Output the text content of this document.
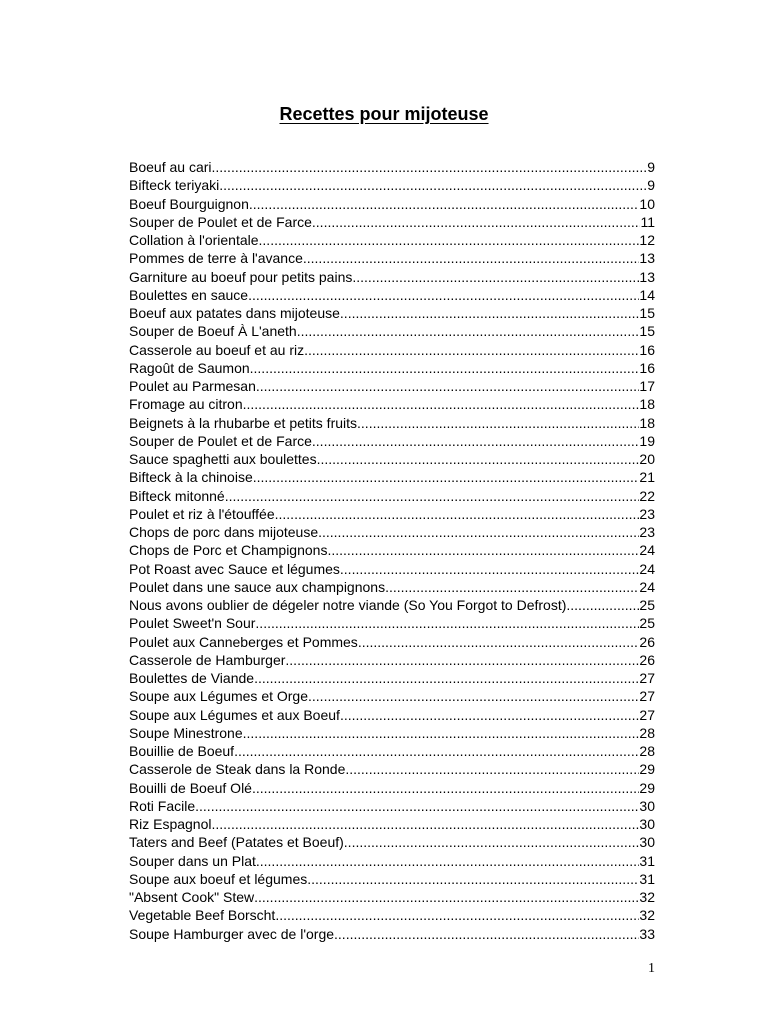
Recettes pour mijoteuse
Boeuf au cari .....	9
Bifteck teriyaki .....	9
Boeuf Bourguignon .....	10
Souper de Poulet et de Farce .....	11
Collation à l'orientale .....	12
Pommes de terre à l'avance .....	13
Garniture au boeuf pour petits pains .....	13
Boulettes en sauce .....	14
Boeuf aux patates dans mijoteuse .....	15
Souper de Boeuf À L'aneth .....	15
Casserole au boeuf et au riz .....	16
Ragoût de Saumon .....	16
Poulet au Parmesan .....	17
Fromage au citron .....	18
Beignets à la rhubarbe et petits fruits .....	18
Souper de Poulet et de Farce .....	19
Sauce spaghetti aux boulettes .....	20
Bifteck à la chinoise .....	21
Bifteck mitonné .....	22
Poulet et riz à l'étouffée .....	23
Chops de porc dans mijoteuse .....	23
Chops de Porc et Champignons .....	24
Pot Roast avec Sauce et légumes .....	24
Poulet dans une sauce aux champignons .....	24
Nous avons oublier de dégeler notre viande (So You Forgot to Defrost) .....	25
Poulet Sweet'n Sour .....	25
Poulet aux Canneberges et Pommes .....	26
Casserole de Hamburger .....	26
Boulettes de Viande .....	27
Soupe aux Légumes et Orge .....	27
Soupe aux Légumes et aux Boeuf .....	27
Soupe Minestrone .....	28
Bouillie de Boeuf .....	28
Casserole de Steak dans la Ronde .....	29
Bouilli de Boeuf Olé .....	29
Roti Facile .....	30
Riz Espagnol .....	30
Taters and Beef (Patates et Boeuf) .....	30
Souper dans un Plat .....	31
Soupe aux boeuf et légumes .....	31
"Absent Cook" Stew .....	32
Vegetable Beef Borscht .....	32
Soupe Hamburger avec de l'orge .....	33
1
